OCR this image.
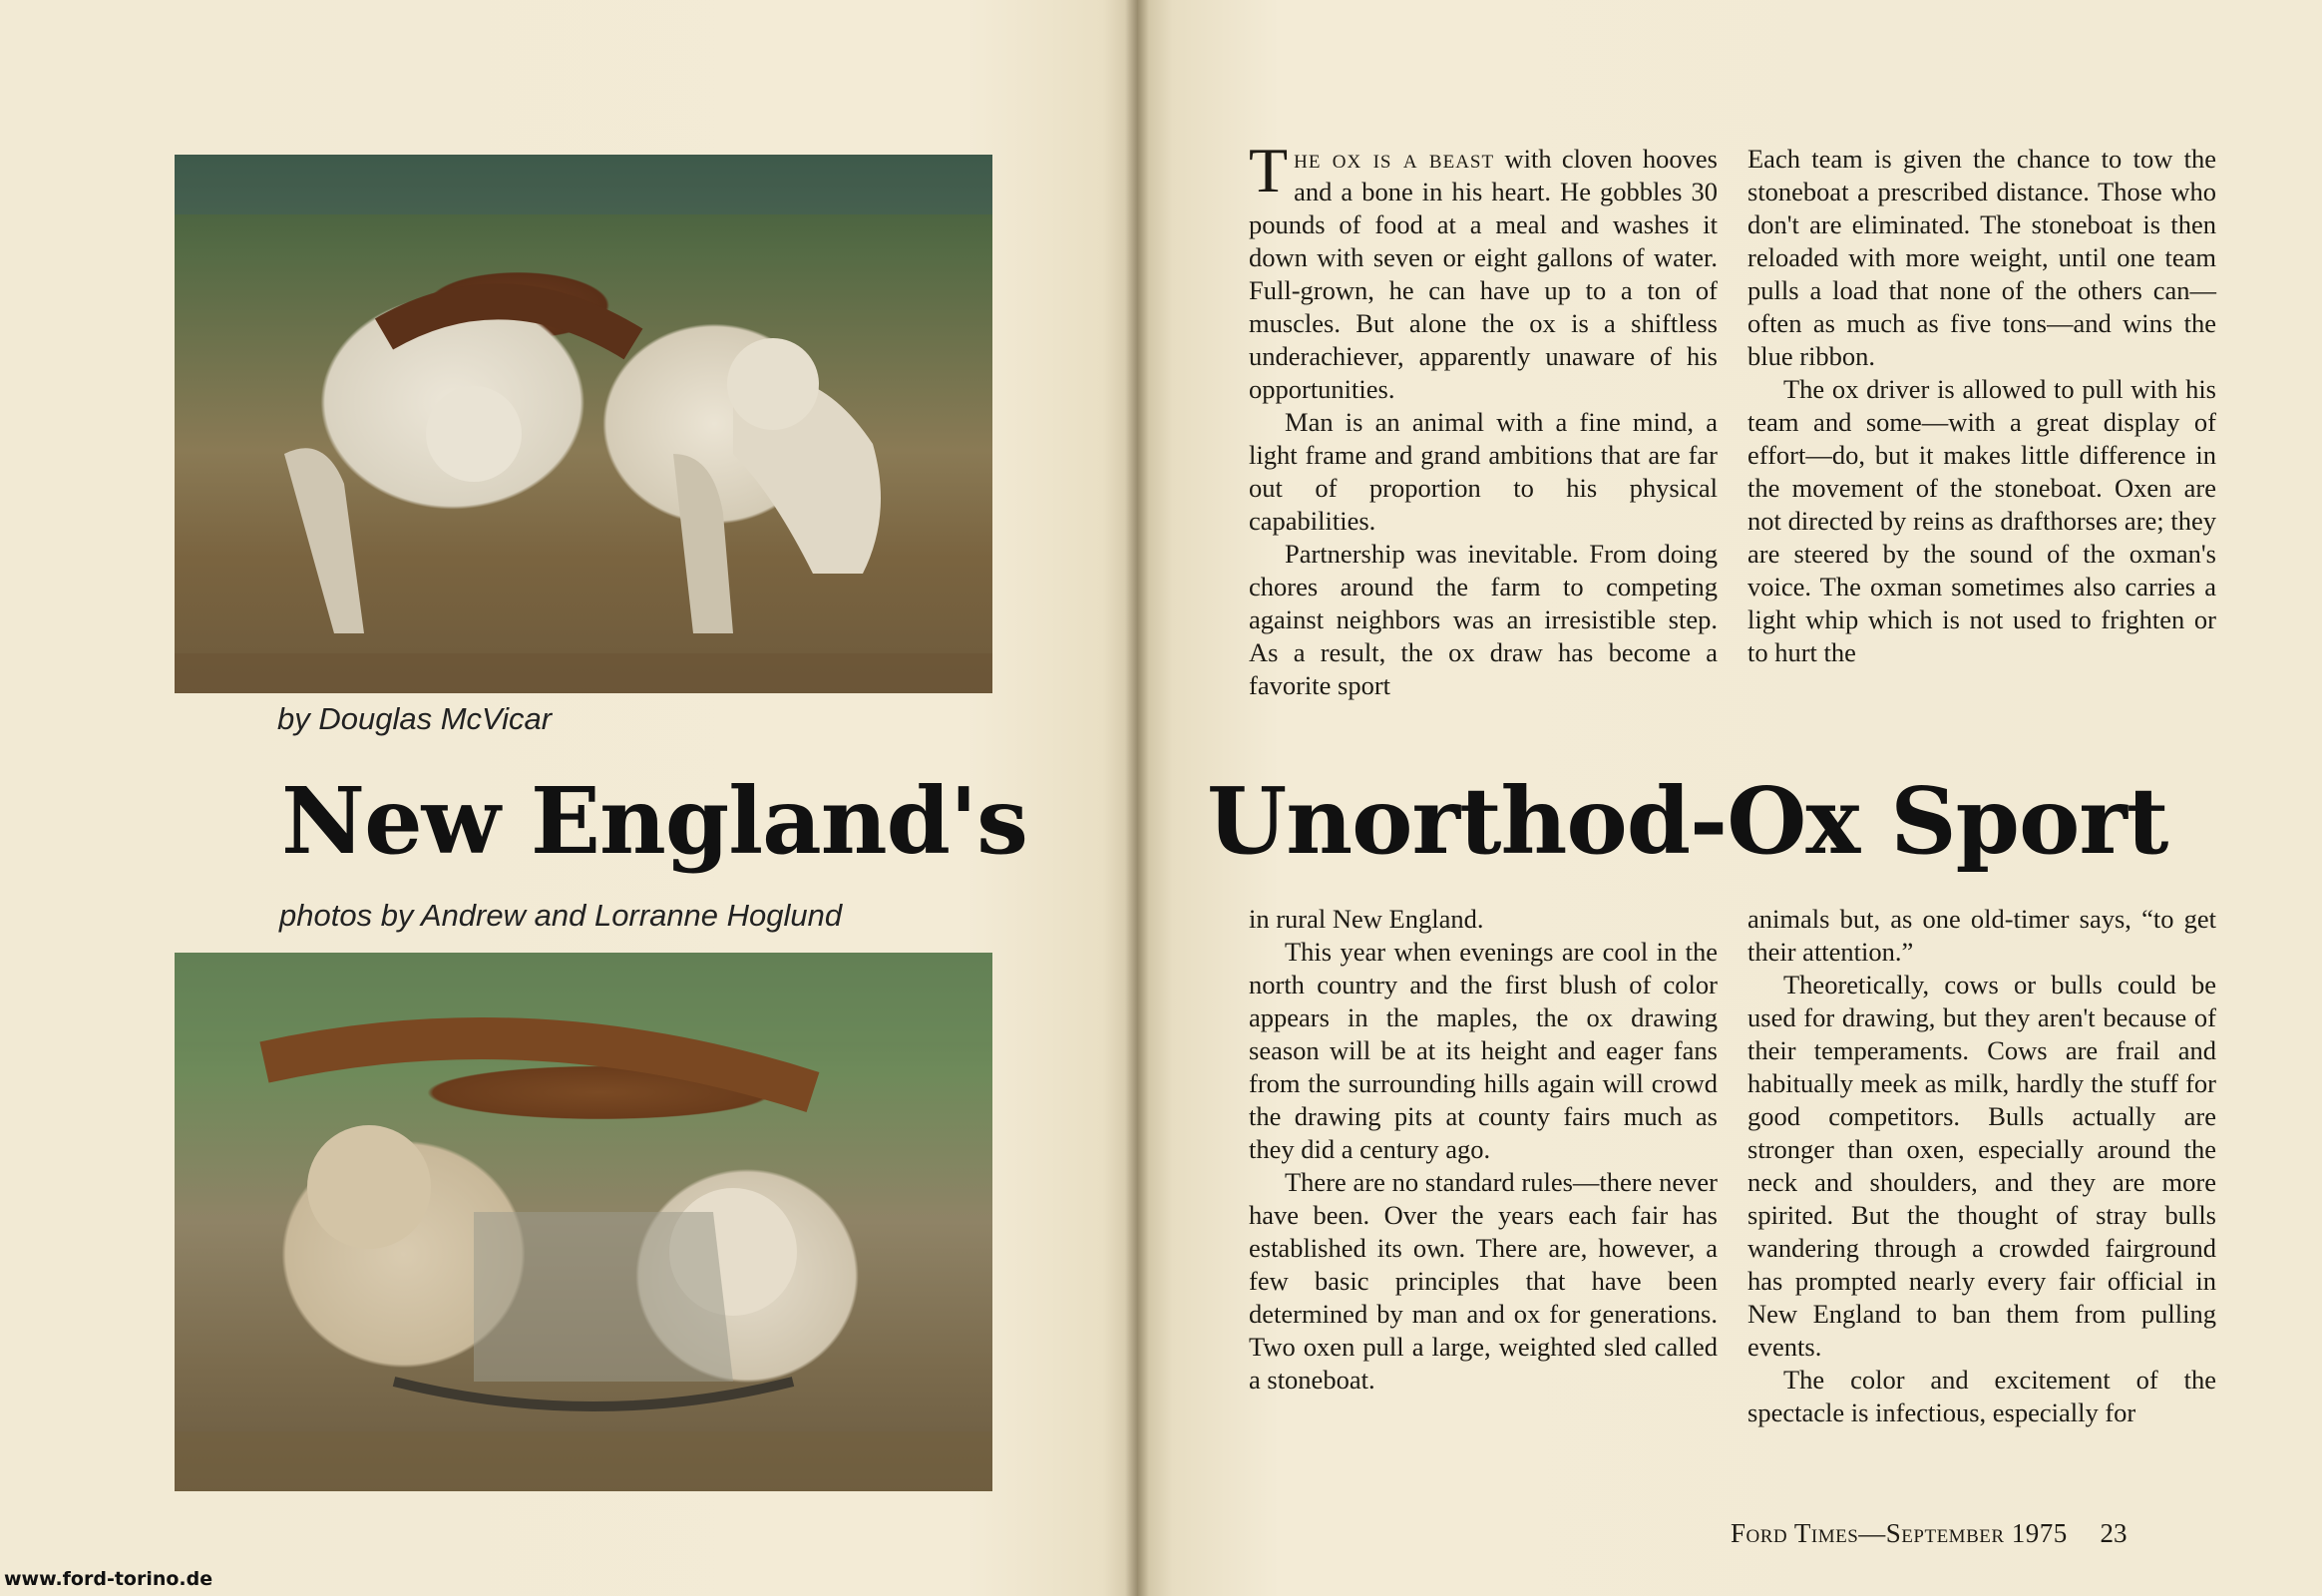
by Douglas McVicar
New England's Unorthod-Ox Sport
photos by Andrew and Lorranne Hoglund

The ox is a beast with cloven hooves and a bone in his heart. He gobbles 30 pounds of food at a meal and washes it down with seven or eight gallons of water. Full-grown, he can have up to a ton of muscles. But alone the ox is a shiftless underachiever, apparently unaware of his opportunities.

Man is an animal with a fine mind, a light frame and grand ambitions that are far out of proportion to his physical capabilities.

Partnership was inevitable. From doing chores around the farm to competing against neighbors was an irresistible step. As a result, the ox draw has become a favorite sport

Each team is given the chance to tow the stoneboat a prescribed distance. Those who don't are eliminated. The stoneboat is then reloaded with more weight, until one team pulls a load that none of the others can—often as much as five tons—and wins the blue ribbon.

The ox driver is allowed to pull with his team and some—with a great display of effort—do, but it makes little difference in the movement of the stoneboat. Oxen are not directed by reins as drafthorses are; they are steered by the sound of the oxman's voice. The oxman sometimes also carries a light whip which is not used to frighten or to hurt the

in rural New England.

This year when evenings are cool in the north country and the first blush of color appears in the maples, the ox drawing season will be at its height and eager fans from the surrounding hills again will crowd the drawing pits at county fairs much as they did a century ago.

There are no standard rules—there never have been. Over the years each fair has established its own. There are, however, a few basic principles that have been determined by man and ox for generations. Two oxen pull a large, weighted sled called a stoneboat.

animals but, as one old-timer says, “to get their attention.”

Theoretically, cows or bulls could be used for drawing, but they aren't because of their temperaments. Cows are frail and habitually meek as milk, hardly the stuff for good competitors. Bulls actually are stronger than oxen, especially around the neck and shoulders, and they are more spirited. But the thought of stray bulls wandering through a crowded fairground has prompted nearly every fair official in New England to ban them from pulling events.

The color and excitement of the spectacle is infectious, especially for

Ford Times—September 1975 23
www.ford-torino.de
